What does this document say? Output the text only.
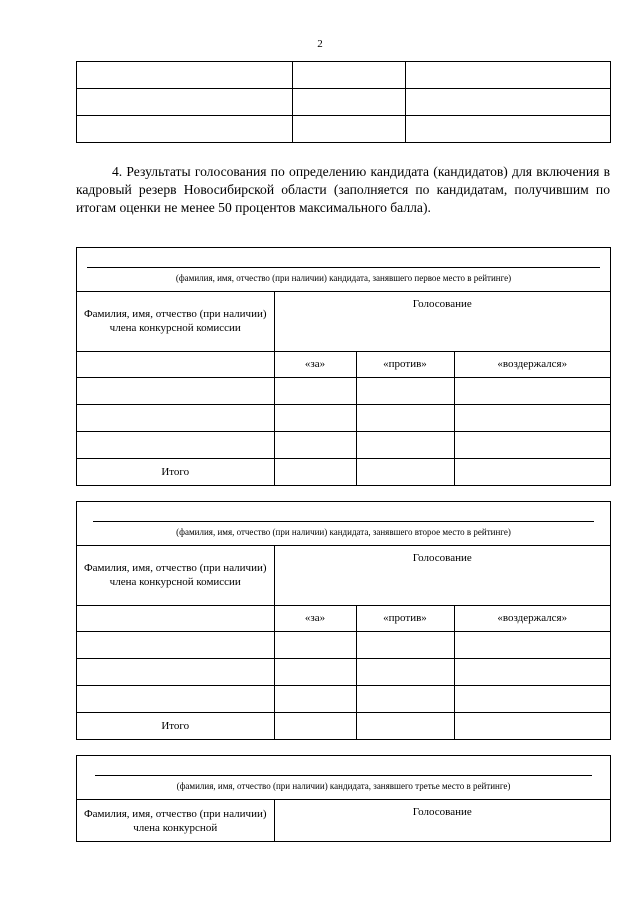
2

4. Результаты голосования по определению кандидата (кандидатов) для включения в кадровый резерв Новосибирской области (заполняется по кандидатам, получившим по итогам оценки не менее 50 процентов максимального балла).
(фамилия, имя, отчество (при наличии) кандидата, занявшего первое место в рейтинге)
Фамилия, имя, отчество (при наличии) члена конкурсной комиссии	Голосование		
	«за»	«против»	«воздержался»

Итого			
(фамилия, имя, отчество (при наличии) кандидата, занявшего второе место в рейтинге)
Фамилия, имя, отчество (при наличии) члена конкурсной комиссии	Голосование		
	«за»	«против»	«воздержался»

Итого			
(фамилия, имя, отчество (при наличии) кандидата, занявшего третье место в рейтинге)
Фамилия, имя, отчество (при наличии) члена конкурсной	Голосование
